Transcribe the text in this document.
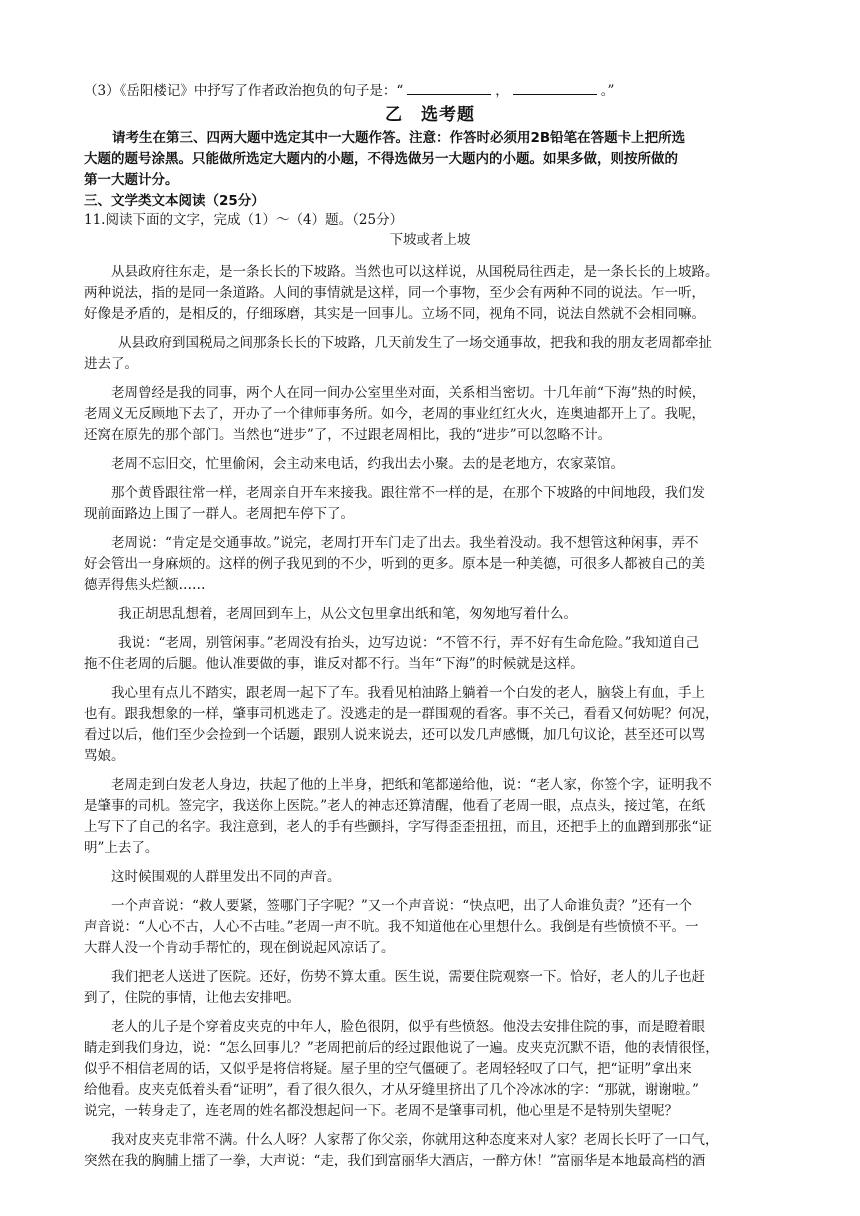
（3）《岳阳楼记》中抒写了作者政治抱负的句子是：“	，	。”
乙　选考题
请考生在第三、四两大题中选定其中一大题作答。注意：作答时必须用2B铅笔在答题卡上把所选
大题的题号涂黑。只能做所选定大题内的小题，不得选做另一大题内的小题。如果多做，则按所做的
第一大题计分。
三、文学类文本阅读（25分）
11.阅读下面的文字，完成（1）～（4）题。（25分）
下坡或者上坡
从县政府往东走，是一条长长的下坡路。当然也可以这样说，从国税局往西走，是一条长长的上坡路。
两种说法，指的是同一条道路。人间的事情就是这样，同一个事物，至少会有两种不同的说法。乍一听，
好像是矛盾的，是相反的，仔细琢磨，其实是一回事儿。立场不同，视角不同，说法自然就不会相同嘛。
从县政府到国税局之间那条长长的下坡路，几天前发生了一场交通事故，把我和我的朋友老周都牵扯
进去了。
老周曾经是我的同事，两个人在同一间办公室里坐对面，关系相当密切。十几年前“下海”热的时候，
老周义无反顾地下去了，开办了一个律师事务所。如今，老周的事业红红火火，连奥迪都开上了。我呢，
还窝在原先的那个部门。当然也“进步”了，不过跟老周相比，我的“进步”可以忽略不计。
老周不忘旧交，忙里偷闲，会主动来电话，约我出去小聚。去的是老地方，农家菜馆。
那个黄昏跟往常一样，老周亲自开车来接我。跟往常不一样的是，在那个下坡路的中间地段，我们发
现前面路边上围了一群人。老周把车停下了。
老周说：“肯定是交通事故。”说完，老周打开车门走了出去。我坐着没动。我不想管这种闲事，弄不
好会管出一身麻烦的。这样的例子我见到的不少，听到的更多。原本是一种美德，可很多人都被自己的美
德弄得焦头烂额……
我正胡思乱想着，老周回到车上，从公文包里拿出纸和笔，匆匆地写着什么。
我说：“老周，别管闲事。”老周没有抬头，边写边说：“不管不行，弄不好有生命危险。”我知道自己
拖不住老周的后腿。他认准要做的事，谁反对都不行。当年“下海”的时候就是这样。
我心里有点儿不踏实，跟老周一起下了车。我看见柏油路上躺着一个白发的老人，脑袋上有血，手上
也有。跟我想象的一样，肇事司机逃走了。没逃走的是一群围观的看客。事不关己，看看又何妨呢？何况，
看过以后，他们至少会捡到一个话题，跟别人说来说去，还可以发几声感慨，加几句议论，甚至还可以骂
骂娘。
老周走到白发老人身边，扶起了他的上半身，把纸和笔都递给他，说：“老人家，你签个字，证明我不
是肇事的司机。签完字，我送你上医院。”老人的神志还算清醒，他看了老周一眼，点点头，接过笔，在纸
上写下了自己的名字。我注意到，老人的手有些颤抖，字写得歪歪扭扭，而且，还把手上的血蹭到那张“证
明”上去了。
这时候围观的人群里发出不同的声音。
一个声音说：“救人要紧，签哪门子字呢？”又一个声音说：“快点吧，出了人命谁负责？”还有一个
声音说：“人心不古，人心不古哇。”老周一声不吭。我不知道他在心里想什么。我倒是有些愤愤不平。一
大群人没一个肯动手帮忙的，现在倒说起风凉话了。
我们把老人送进了医院。还好，伤势不算太重。医生说，需要住院观察一下。恰好，老人的儿子也赶
到了，住院的事情，让他去安排吧。
老人的儿子是个穿着皮夹克的中年人，脸色很阴，似乎有些愤怒。他没去安排住院的事，而是瞪着眼
睛走到我们身边，说：“怎么回事儿？”老周把前后的经过跟他说了一遍。皮夹克沉默不语，他的表情很怪，
似乎不相信老周的话，又似乎是将信将疑。屋子里的空气僵硬了。老周轻轻叹了口气，把“证明”拿出来
给他看。皮夹克低着头看“证明”，看了很久很久，才从牙缝里挤出了几个冷冰冰的字：“那就，谢谢啦。”
说完，一转身走了，连老周的姓名都没想起问一下。老周不是肇事司机，他心里是不是特别失望呢？
我对皮夹克非常不满。什么人呀？人家帮了你父亲，你就用这种态度来对人家？老周长长吁了一口气，
突然在我的胸脯上擂了一拳，大声说：“走，我们到富丽华大酒店，一醉方休！”富丽华是本地最高档的酒
